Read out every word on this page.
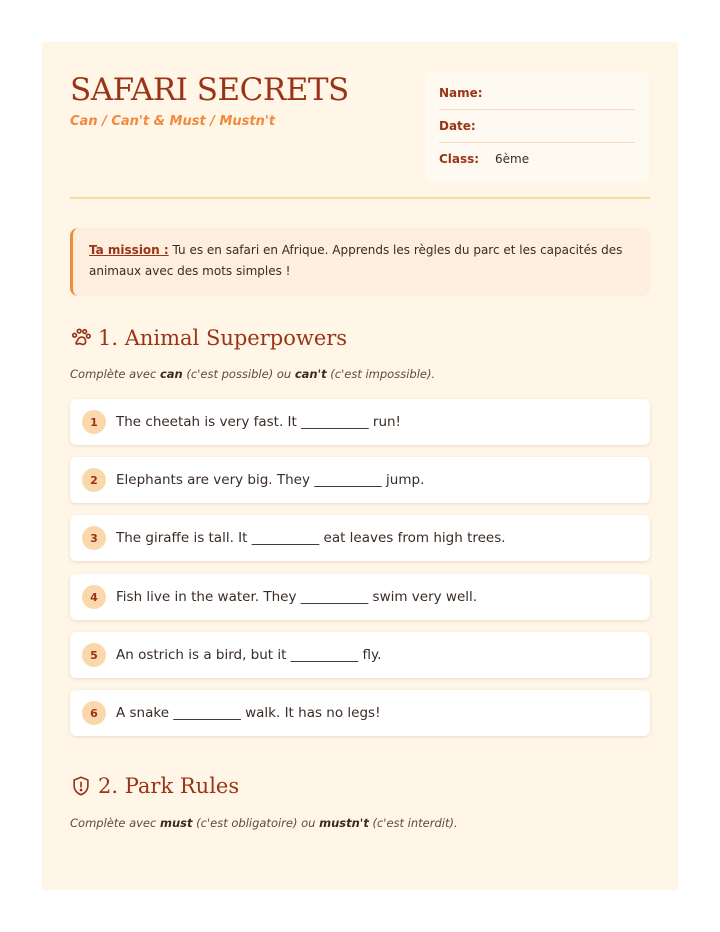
SAFARI SECRETS
Can / Can't & Must / Mustn't
Name:
Date:
Class:	6ème
Ta mission : Tu es en safari en Afrique. Apprends les règles du parc et les capacités des animaux avec des mots simples !
1. Animal Superpowers
Complète avec can (c'est possible) ou can't (c'est impossible).
1	The cheetah is very fast. It __________ run!
2	Elephants are very big. They __________ jump.
3	The giraffe is tall. It __________ eat leaves from high trees.
4	Fish live in the water. They __________ swim very well.
5	An ostrich is a bird, but it __________ fly.
6	A snake __________ walk. It has no legs!
2. Park Rules
Complète avec must (c'est obligatoire) ou mustn't (c'est interdit).
